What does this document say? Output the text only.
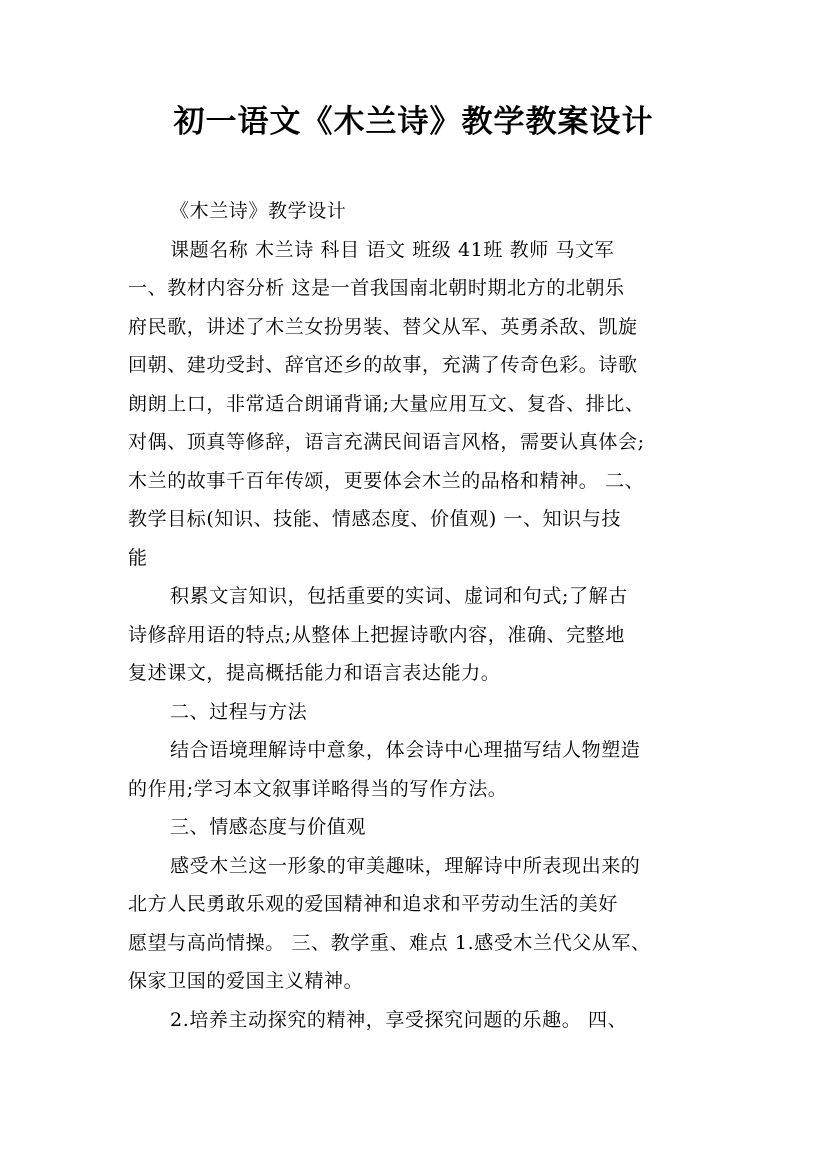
初一语文《木兰诗》教学教案设计

《木兰诗》教学设计

课题名称 木兰诗 科目 语文 班级 41班 教师 马文军

一、教材内容分析 这是一首我国南北朝时期北方的北朝乐

府民歌，讲述了木兰女扮男装、替父从军、英勇杀敌、凯旋

回朝、建功受封、辞官还乡的故事，充满了传奇色彩。诗歌

朗朗上口，非常适合朗诵背诵;大量应用互文、复沓、排比、

对偶、顶真等修辞，语言充满民间语言风格，需要认真体会;

木兰的故事千百年传颂，更要体会木兰的品格和精神。 二、

教学目标(知识、技能、情感态度、价值观) 一、知识与技

能

积累文言知识，包括重要的实词、虚词和句式;了解古

诗修辞用语的特点;从整体上把握诗歌内容，准确、完整地

复述课文，提高概括能力和语言表达能力。

二、过程与方法

结合语境理解诗中意象，体会诗中心理描写结人物塑造

的作用;学习本文叙事详略得当的写作方法。

三、情感态度与价值观

感受木兰这一形象的审美趣味，理解诗中所表现出来的

北方人民勇敢乐观的爱国精神和追求和平劳动生活的美好

愿望与高尚情操。 三、教学重、难点 1.感受木兰代父从军、

保家卫国的爱国主义精神。

2.培养主动探究的精神，享受探究问题的乐趣。 四、
